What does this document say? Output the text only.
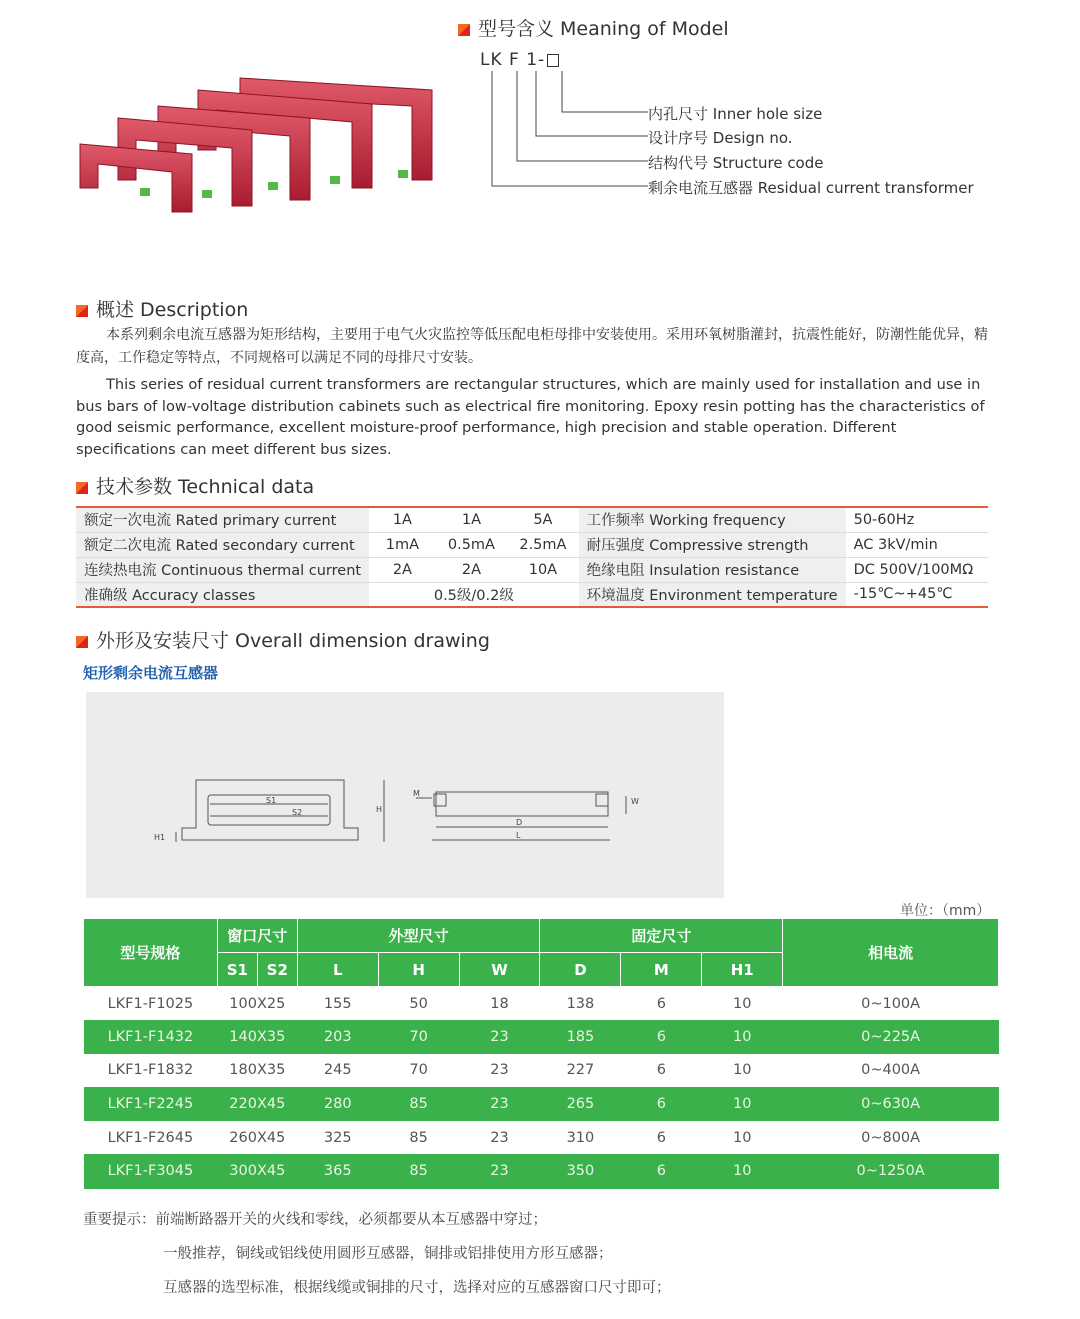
型号含义 Meaning of Model
LK F 1-
内孔尺寸 Inner hole size
设计序号 Design no.
结构代号 Structure code
剩余电流互感器 Residual current transformer
概述 Description

本系列剩余电流互感器为矩形结构，主要用于电气火灾监控等低压配电柜母排中安装使用。采用环氧树脂灌封，抗震性能好，防潮性能优异，精度高，工作稳定等特点，不同规格可以满足不同的母排尺寸安装。

This series of residual current transformers are rectangular structures, which are mainly used for installation and use in bus bars of low-voltage distribution cabinets such as electrical fire monitoring. Epoxy resin potting has the characteristics of good seismic performance, excellent moisture-proof performance, high precision and stable operation. Different specifications can meet different bus sizes.

技术参数 Technical data
额定一次电流 Rated primary current	1A	1A	5A	工作频率 Working frequency	50-60Hz
额定二次电流 Rated secondary current	1mA	0.5mA	2.5mA	耐压强度 Compressive strength	AC 3kV/min
连续热电流 Continuous thermal current	2A	2A	10A	绝缘电阻 Insulation resistance	DC 500V/100MΩ
准确级 Accuracy classes	0.5级/0.2级			环境温度 Environment temperature	-15℃~+45℃
外形及安装尺寸 Overall dimension drawing
矩形剩余电流互感器
S1
S2	H
H1
M
W
D
L
单位：（mm）
型号规格	窗口尺寸		外型尺寸			固定尺寸			相电流
	S1	S2	L	H	W	D	M	H1	
LKF1-F1025	100X25		155	50	18	138	6	10	0~100A
LKF1-F1432	140X35		203	70	23	185	6	10	0~225A
LKF1-F1832	180X35		245	70	23	227	6	10	0~400A
LKF1-F2245	220X45		280	85	23	265	6	10	0~630A
LKF1-F2645	260X45		325	85	23	310	6	10	0~800A
LKF1-F3045	300X45		365	85	23	350	6	10	0~1250A
重要提示：前端断路器开关的火线和零线，必须都要从本互感器中穿过；
一般推荐，铜线或铝线使用圆形互感器，铜排或铝排使用方形互感器；
互感器的选型标准，根据线缆或铜排的尺寸，选择对应的互感器窗口尺寸即可；
